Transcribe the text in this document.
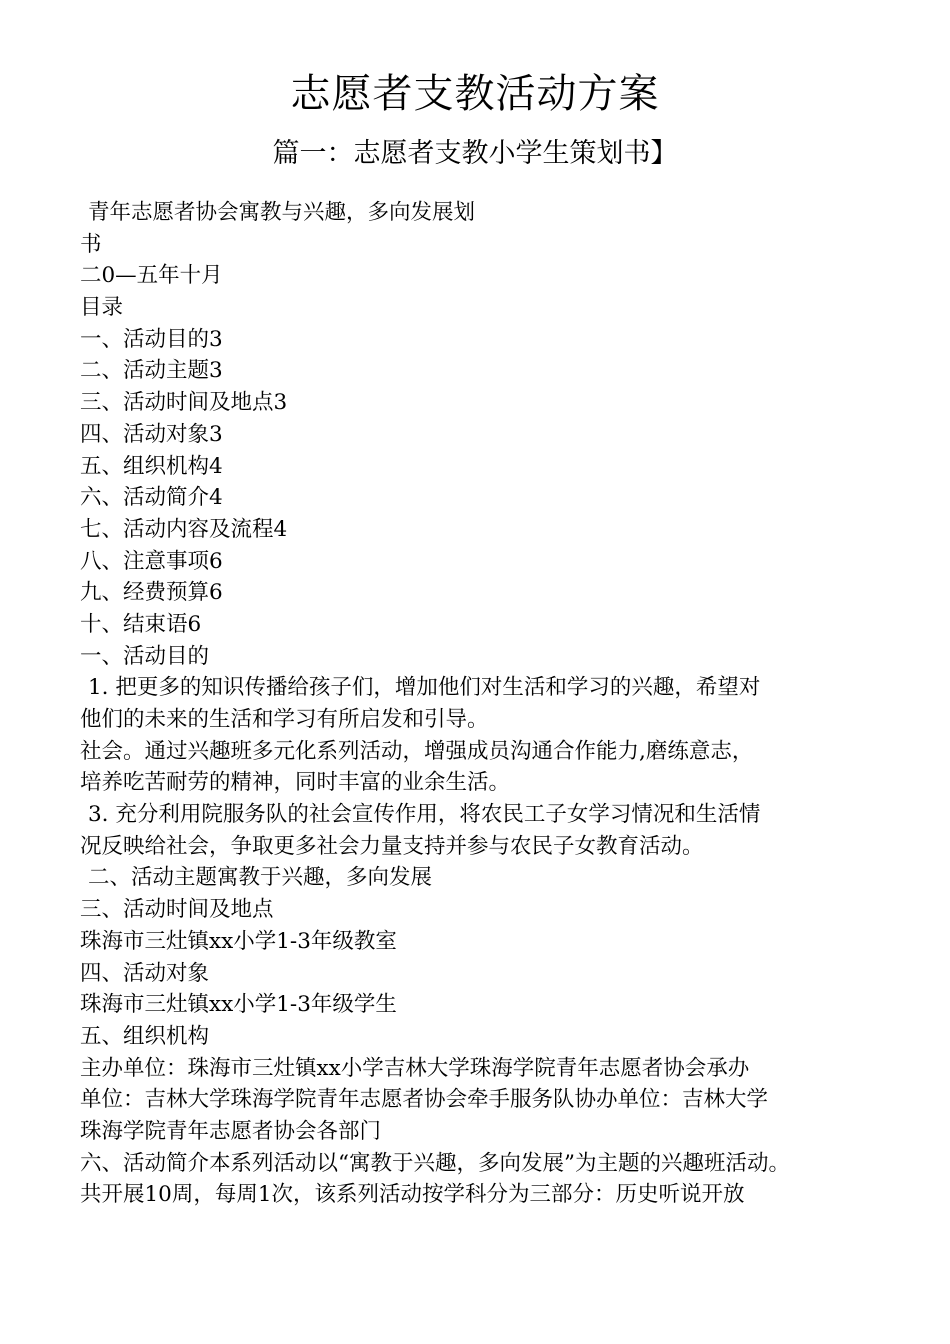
志愿者支教活动方案
篇一：志愿者支教小学生策划书】
青年志愿者协会寓教与兴趣，多向发展划
书
二0—五年十月
目录
一、活动目的3
二、活动主题3
三、活动时间及地点3
四、活动对象3
五、组织机构4
六、活动简介4
七、活动内容及流程4
八、注意事项6
九、经费预算6
十、结束语6
一、活动目的
1. 把更多的知识传播给孩子们，增加他们对生活和学习的兴趣，希望对
他们的未来的生活和学习有所启发和引导。
社会。通过兴趣班多元化系列活动，增强成员沟通合作能力,磨练意志，
培养吃苦耐劳的精神，同时丰富的业余生活。
3. 充分利用院服务队的社会宣传作用，将农民工子女学习情况和生活情
况反映给社会，争取更多社会力量支持并参与农民子女教育活动。
二、活动主题寓教于兴趣，多向发展
三、活动时间及地点
珠海市三灶镇xx小学1-3年级教室
四、活动对象
珠海市三灶镇xx小学1-3年级学生
五、组织机构
主办单位：珠海市三灶镇xx小学吉林大学珠海学院青年志愿者协会承办
单位：吉林大学珠海学院青年志愿者协会牵手服务队协办单位：吉林大学
珠海学院青年志愿者协会各部门
六、活动简介本系列活动以“寓教于兴趣，多向发展”为主题的兴趣班活动。
共开展10周，每周1次，该系列活动按学科分为三部分：历史听说开放
